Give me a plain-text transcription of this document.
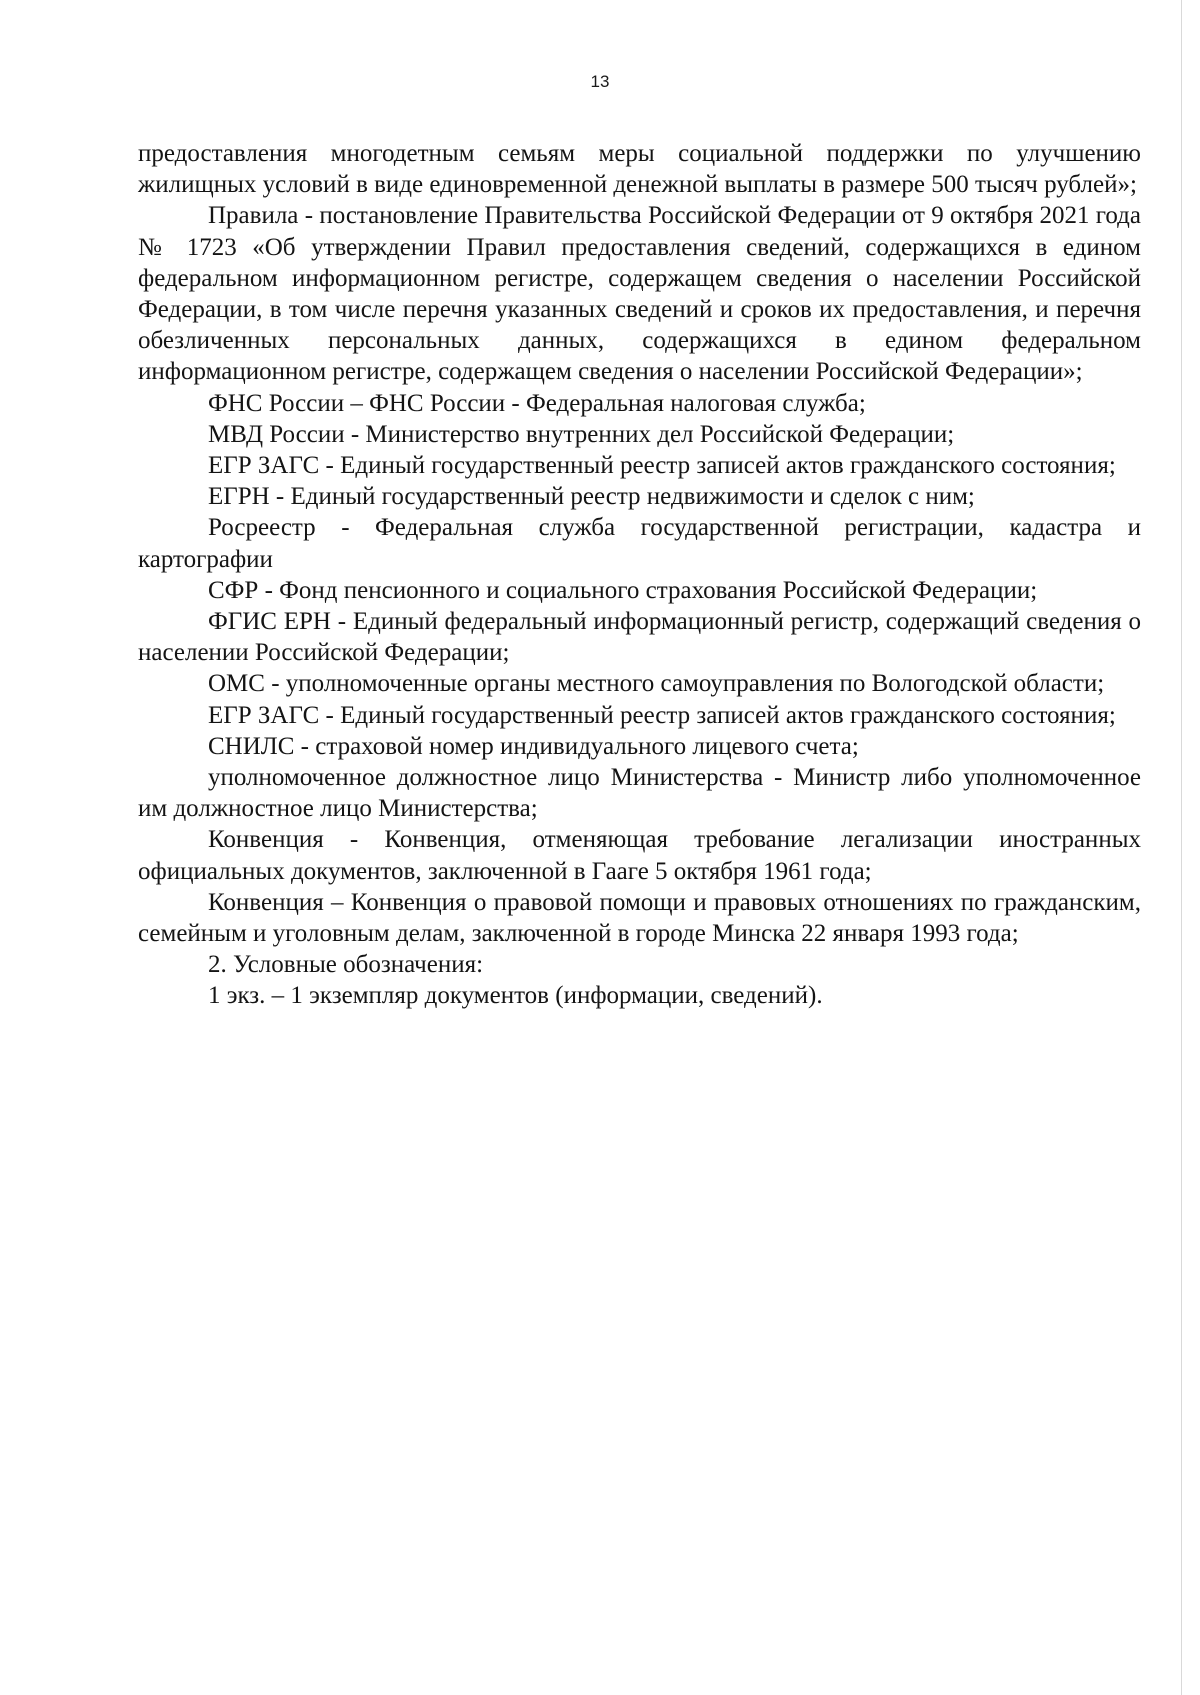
13

предоставления многодетным семьям меры социальной поддержки по улучшению жилищных условий в виде единовременной денежной выплаты в размере 500 тысяч рублей»;

Правила - постановление Правительства Российской Федерации от 9 октября 2021 года № 1723 «Об утверждении Правил предоставления сведений, содержащихся в едином федеральном информационном регистре, содержащем сведения о населении Российской Федерации, в том числе перечня указанных сведений и сроков их предоставления, и перечня обезличенных персональных данных, содержащихся в едином федеральном информационном регистре, содержащем сведения о населении Российской Федерации»;

ФНС России – ФНС России - Федеральная налоговая служба;

МВД России - Министерство внутренних дел Российской Федерации;

ЕГР ЗАГС - Единый государственный реестр записей актов гражданского состояния;

ЕГРН - Единый государственный реестр недвижимости и сделок с ним;

Росреестр - Федеральная служба государственной регистрации, кадастра и картографии

СФР - Фонд пенсионного и социального страхования Российской Федерации;

ФГИС ЕРН - Единый федеральный информационный регистр, содержащий сведения о населении Российской Федерации;

ОМС - уполномоченные органы местного самоуправления по Вологодской области;

ЕГР ЗАГС - Единый государственный реестр записей актов гражданского состояния;

СНИЛС - страховой номер индивидуального лицевого счета;

уполномоченное должностное лицо Министерства - Министр либо уполномоченное им должностное лицо Министерства;

Конвенция - Конвенция, отменяющая требование легализации иностранных официальных документов, заключенной в Гааге 5 октября 1961 года;

Конвенция – Конвенция о правовой помощи и правовых отношениях по гражданским, семейным и уголовным делам, заключенной в городе Минска 22 января 1993 года;

2. Условные обозначения:

1 экз. – 1 экземпляр документов (информации, сведений).
